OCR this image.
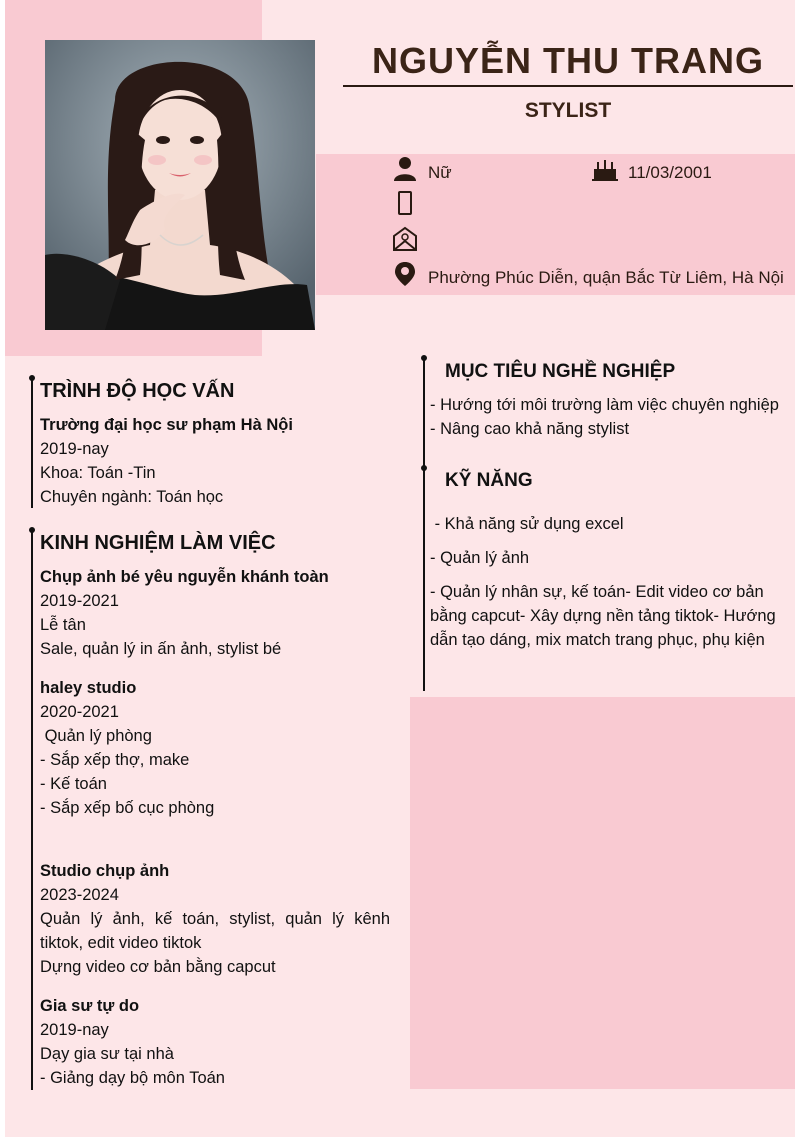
NGUYỄN THU TRANG
STYLIST
Nữ	11/03/2001
Phường Phúc Diễn, quận Bắc Từ Liêm, Hà Nội
TRÌNH ĐỘ HỌC VẤN
Trường đại học sư phạm Hà Nội
2019-nay
Khoa: Toán -Tin
Chuyên ngành: Toán học
KINH NGHIỆM LÀM VIỆC
Chụp ảnh bé yêu nguyễn khánh toàn
2019-2021
Lễ tân
Sale, quản lý in ấn ảnh, stylist bé
haley studio
2020-2021
Quản lý phòng
- Sắp xếp thợ, make
- Kế toán
- Sắp xếp bố cục phòng
Studio chụp ảnh
2023-2024
Quản lý ảnh, kế toán, stylist, quản lý kênh tiktok, edit video tiktok
Dựng video cơ bản bằng capcut
Gia sư tự do
2019-nay
Dạy gia sư tại nhà
- Giảng dạy bộ môn Toán
MỤC TIÊU NGHỀ NGHIỆP
- Hướng tới môi trường làm việc chuyên nghiệp
- Nâng cao khả năng stylist
KỸ NĂNG
- Khả năng sử dụng excel
- Quản lý ảnh
- Quản lý nhân sự, kế toán- Edit video cơ bản bằng capcut- Xây dựng nền tảng tiktok- Hướng dẫn tạo dáng, mix match trang phục, phụ kiện
